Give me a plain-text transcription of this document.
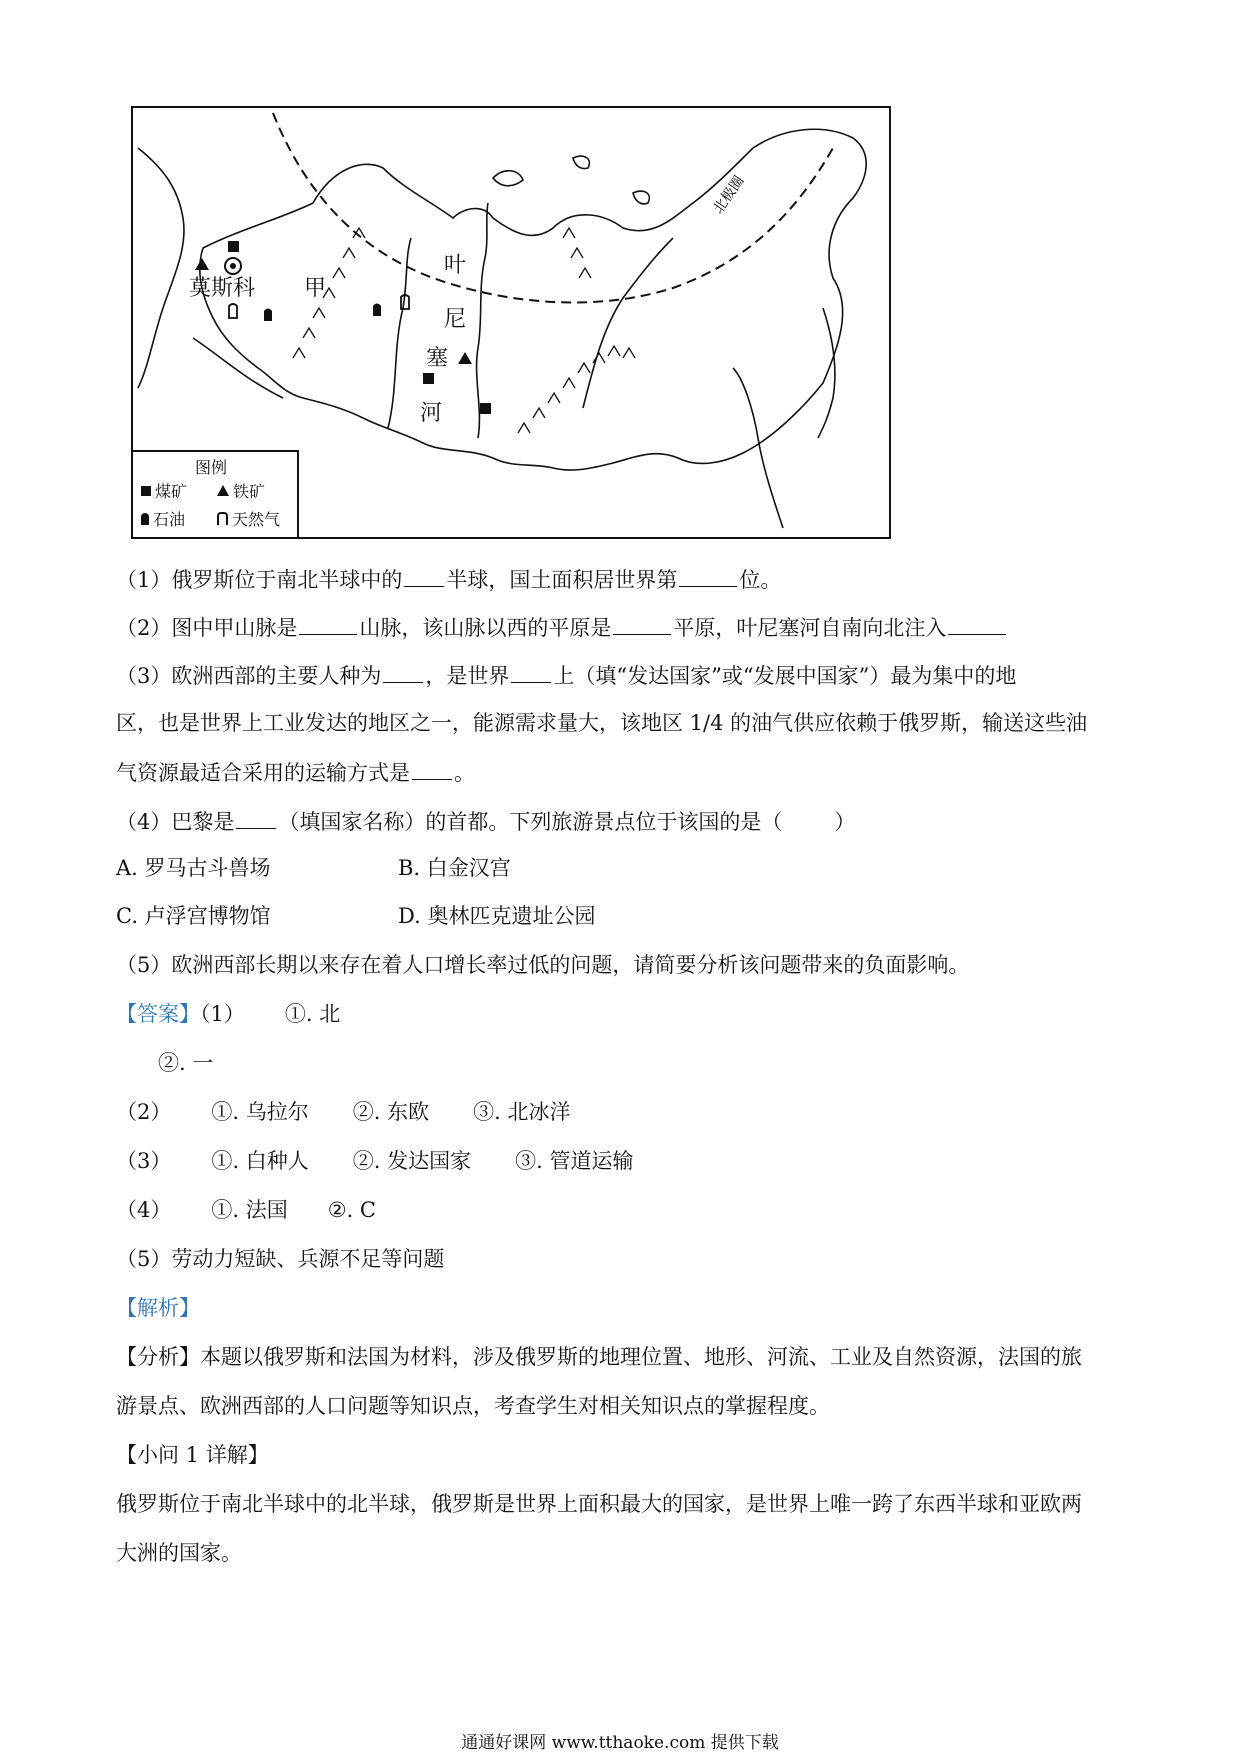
莫斯科 甲
叶
尼
塞
河
北极圈
图例
煤矿	铁矿
石油	天然气
（1）俄罗斯位于南北半球中的 半球，国土面积居世界第	位。
（2）图中甲山脉是	山脉，该山脉以西的平原是	平原，叶尼塞河自南向北注入
（3）欧洲西部的主要人种为 ，是世界 上（填“发达国家”或“发展中国家”）最为集中的地
区，也是世界上工业发达的地区之一，能源需求量大，该地区 1/4 的油气供应依赖于俄罗斯，输送这些油
气资源最适合采用的运输方式是 。
（4）巴黎是 （填国家名称）的首都。下列旅游景点位于该国的是（ ）
A. 罗马古斗兽场	B. 白金汉宫
C. 卢浮宫博物馆	D. 奥林匹克遗址公园
（5）欧洲西部长期以来存在着人口增长率过低的问题，请简要分析该问题带来的负面影响。
【答案】（1） ①. 北
②. 一
（2） ①. 乌拉尔 ②. 东欧 ③. 北冰洋
（3） ①. 白种人 ②. 发达国家 ③. 管道运输
（4） ①. 法国 ②. C
（5）劳动力短缺、兵源不足等问题
【解析】
【分析】本题以俄罗斯和法国为材料，涉及俄罗斯的地理位置、地形、河流、工业及自然资源，法国的旅
游景点、欧洲西部的人口问题等知识点，考查学生对相关知识点的掌握程度。
【小问 1 详解】
俄罗斯位于南北半球中的北半球，俄罗斯是世界上面积最大的国家，是世界上唯一跨了东西半球和亚欧两
大洲的国家。
通通好课网 www.tthaoke.com 提供下载
